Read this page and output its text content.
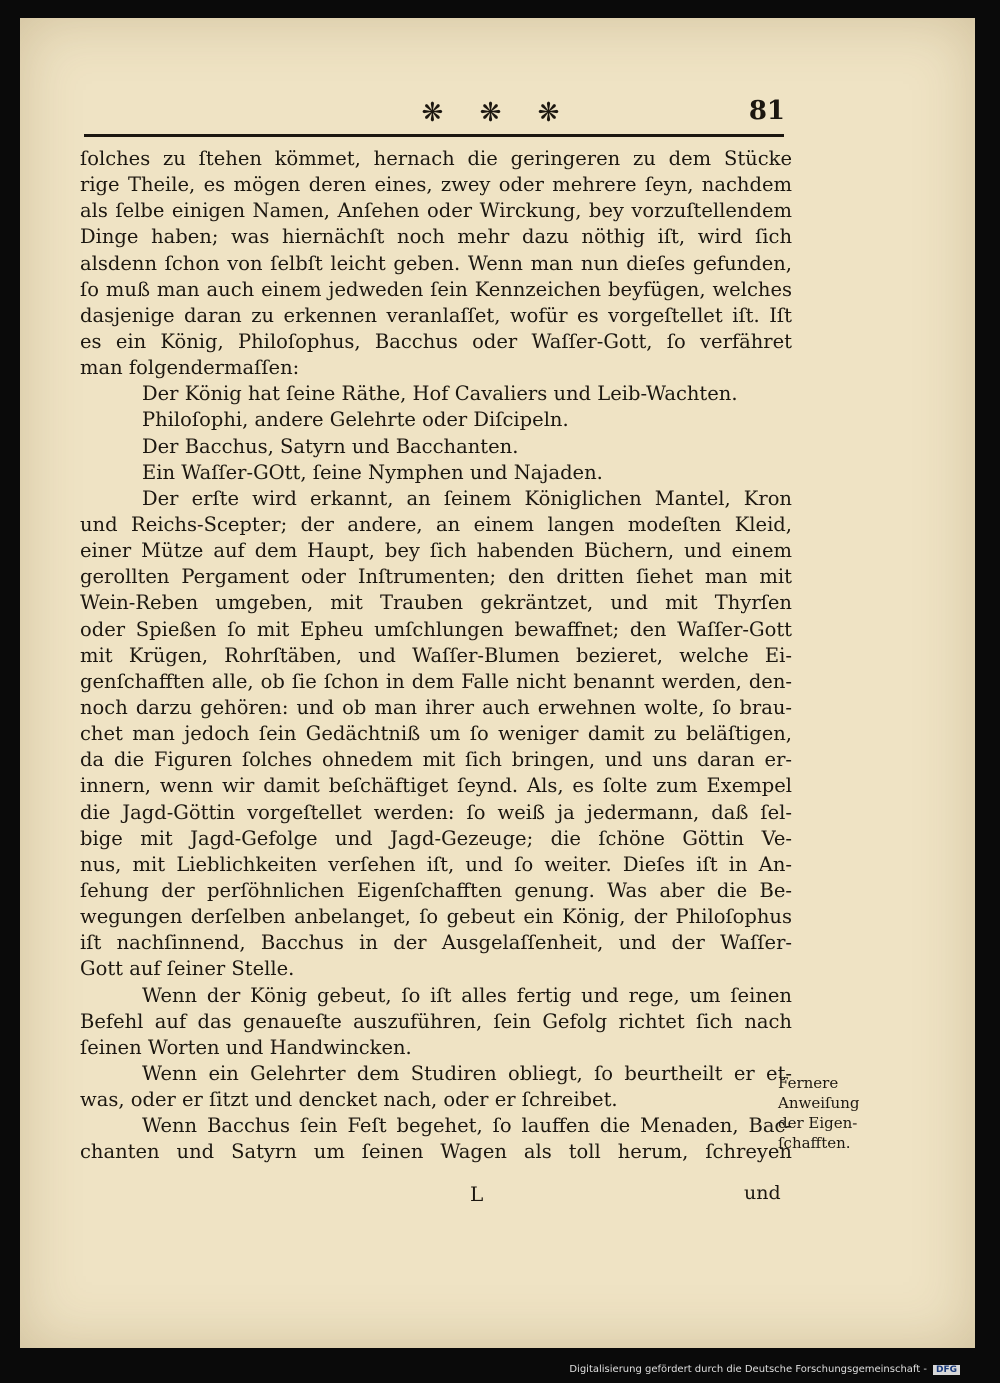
❋ ❋ ❋	81
ſolches zu ſtehen kömmet, hernach die geringeren zu dem Stücke
rige Theile, es mögen deren eines, zwey oder mehrere ſeyn, nachdem
als ſelbe einigen Namen, Anſehen oder Wirckung, bey vorzuſtellendem
Dinge haben; was hiernächſt noch mehr dazu nöthig iſt, wird ſich
alsdenn ſchon von ſelbſt leicht geben. Wenn man nun dieſes gefunden,
ſo muß man auch einem jedweden ſein Kennzeichen beyfügen, welches
dasjenige daran zu erkennen veranlaſſet, wofür es vorgeſtellet iſt. Iſt
es ein König, Philoſophus, Bacchus oder Waſſer-Gott, ſo verfähret
man folgendermaſſen:
Der König hat ſeine Räthe, Hof Cavaliers und Leib-Wachten.
Philoſophi, andere Gelehrte oder Diſcipeln.
Der Bacchus, Satyrn und Bacchanten.
Ein Waſſer-GOtt, ſeine Nymphen und Najaden.
Der erſte wird erkannt, an ſeinem Königlichen Mantel, Kron
und Reichs-Scepter; der andere, an einem langen modeſten Kleid,
einer Mütze auf dem Haupt, bey ſich habenden Büchern, und einem
gerollten Pergament oder Inſtrumenten; den dritten ſiehet man mit
Wein-Reben umgeben, mit Trauben gekräntzet, und mit Thyrſen
oder Spießen ſo mit Epheu umſchlungen bewaffnet; den Waſſer-Gott
mit Krügen, Rohrſtäben, und Waſſer-Blumen bezieret, welche Ei-
genſchafften alle, ob ſie ſchon in dem Falle nicht benannt werden, den-
noch darzu gehören: und ob man ihrer auch erwehnen wolte, ſo brau-
chet man jedoch ſein Gedächtniß um ſo weniger damit zu beläſtigen,
da die Figuren ſolches ohnedem mit ſich bringen, und uns daran er-
innern, wenn wir damit beſchäftiget ſeynd. Als, es ſolte zum Exempel
die Jagd-Göttin vorgeſtellet werden: ſo weiß ja jedermann, daß ſel-
bige mit Jagd-Gefolge und Jagd-Gezeuge; die ſchöne Göttin Ve-
nus, mit Lieblichkeiten verſehen iſt, und ſo weiter. Dieſes iſt in An-
ſehung der perſöhnlichen Eigenſchafften genung. Was aber die Be-
wegungen derſelben anbelanget, ſo gebeut ein König, der Philoſophus
iſt nachſinnend, Bacchus in der Ausgelaſſenheit, und der Waſſer-
Gott auf ſeiner Stelle.
Wenn der König gebeut, ſo iſt alles fertig und rege, um ſeinen
Befehl auf das genaueſte auszuführen, ſein Gefolg richtet ſich nach
ſeinen Worten und Handwincken.
Wenn ein Gelehrter dem Studiren obliegt, ſo beurtheilt er et-
was, oder er ſitzt und dencket nach, oder er ſchreibet.
Wenn Bacchus ſein Feſt begehet, ſo lauffen die Menaden, Bac-
chanten und Satyrn um ſeinen Wagen als toll herum, ſchreyen
Fernere Anweiſung der Eigen-ſchafften.
L	und
Digitalisierung gefördert durch die Deutsche Forschungsgemeinschaft - DFG
